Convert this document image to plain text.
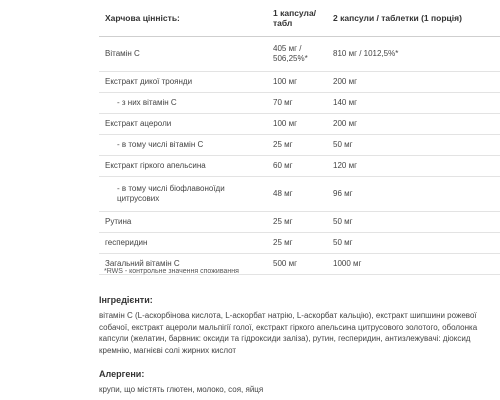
Харчова цінність:	1 капсула/ табл	2 капсули / таблетки (1 порція)
Вітамін С	405 мг / 506,25%*	810 мг / 1012,5%*
Екстракт дикої троянди	100 мг	200 мг
- з них вітамін С	70 мг	140 мг
Екстракт ацероли	100 мг	200 мг
- в тому числі вітамін С	25 мг	50 мг
Екстракт гіркого апельсина	60 мг	120 мг
- в тому числі біофлавоноїди цитрусових	48 мг	96 мг
Рутина	25 мг	50 мг
гесперидин	25 мг	50 мг
Загальний вітамін С	500 мг	1000 мг
*RWS - контрольне значення споживання
Інгредієнти:

вітамін С (L-аскорбінова кислота, L-аскорбат натрію, L-аскорбат кальцію), екстракт шипшини рожевої собачої, екстракт ацероли мальпігії голої, екстракт гіркого апельсина цитрусового золотого, оболонка капсули (желатин, барвник: оксиди та гідроксиди заліза), рутин, гесперидин, антизлежувачі: діоксид кремнію, магнієві солі жирних кислот

Алергени:

крупи, що містять глютен, молоко, соя, яйця
